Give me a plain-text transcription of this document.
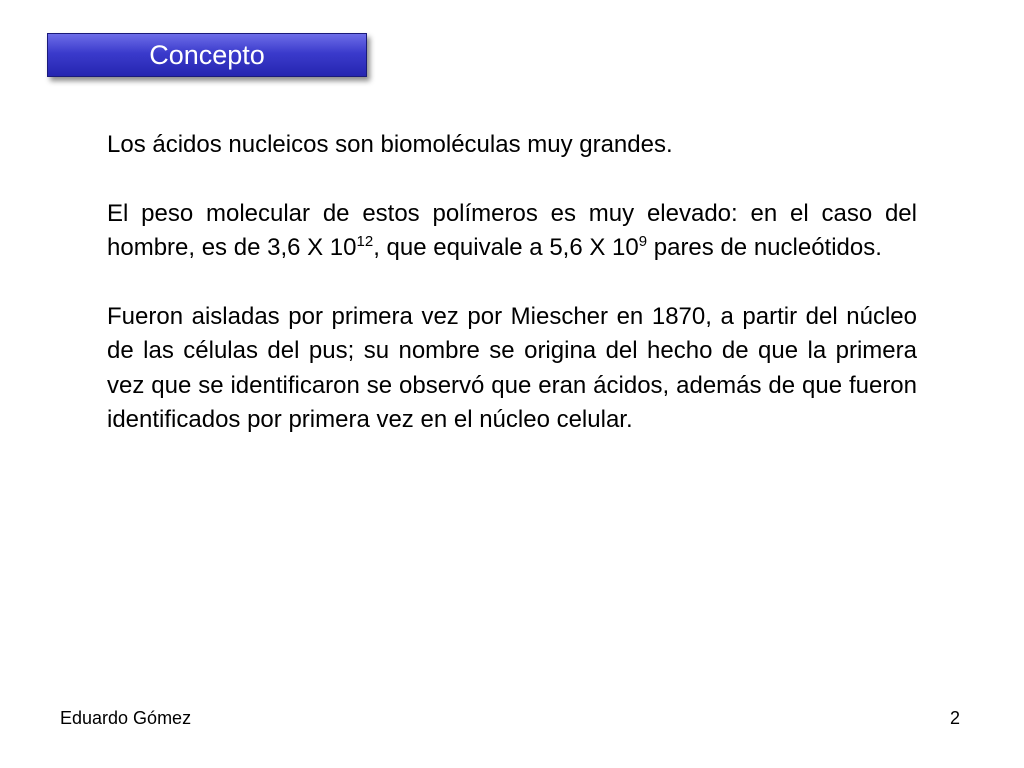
Concepto

Los ácidos nucleicos son biomoléculas muy grandes.

El peso molecular de estos polímeros es muy elevado: en el caso del hombre, es de 3,6 X $10^{12}$, que equivale a 5,6 X $10^9$ pares de nucleótidos.

Fueron aisladas por primera vez por Miescher en 1870, a partir del núcleo de las células del pus; su nombre se origina del hecho de que la primera vez que se identificaron se observó que eran ácidos, además de que fueron identificados por primera vez en el núcleo celular.

Eduardo Gómez	2
